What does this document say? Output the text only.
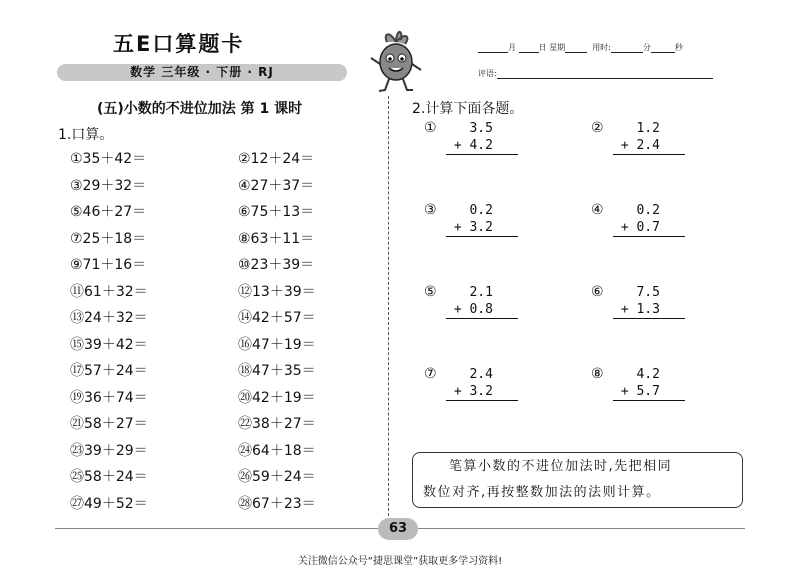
五E口算题卡
数学 三年级 · 下册 · RJ
月	日 星期	用时:	分	秒
评语:
(五)小数的不进位加法 第 1 课时
1.口算。
①35＋42＝	②12＋24＝
③29＋32＝	④27＋37＝
⑤46＋27＝	⑥75＋13＝
⑦25＋18＝	⑧63＋11＝
⑨71＋16＝	⑩23＋39＝
⑪61＋32＝	⑫13＋39＝
⑬24＋32＝	⑭42＋57＝
⑮39＋42＝	⑯47＋19＝
⑰57＋24＝	⑱47＋35＝
⑲36＋74＝	⑳42＋19＝
㉑58＋27＝	㉒38＋27＝
㉓39＋29＝	㉔64＋18＝
㉕58＋24＝	㉖59＋24＝
㉗49＋52＝	㉘67＋23＝
2.计算下面各题。
①	3.5
+ 4.2
②	1.2
+ 2.4
③	0.2
+ 3.2
④	0.2
+ 0.7
⑤	2.1
+ 0.8
⑥	7.5
+ 1.3
⑦	2.4
+ 3.2
⑧	4.2
+ 5.7
笔算小数的不进位加法时,先把相同
数位对齐,再按整数加法的法则计算。
63
关注微信公众号“捷思课堂”获取更多学习资料!
